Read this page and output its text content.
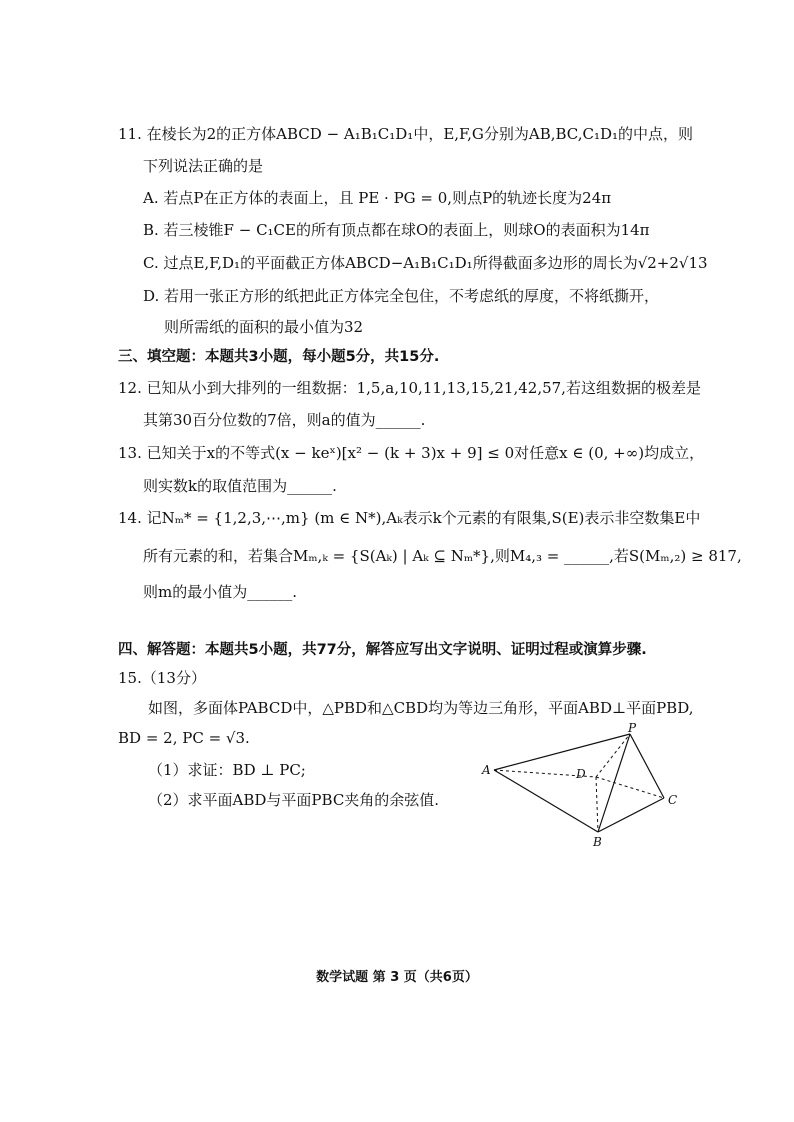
11. 在棱长为2的正方体ABCD − A₁B₁C₁D₁中，E,F,G分别为AB,BC,C₁D₁的中点，则
下列说法正确的是
A. 若点P在正方体的表面上，且 PE · PG = 0,则点P的轨迹长度为24π
B. 若三棱锥F − C₁CE的所有顶点都在球O的表面上，则球O的表面积为14π
C. 过点E,F,D₁的平面截正方体ABCD−A₁B₁C₁D₁所得截面多边形的周长为√2+2√13
D. 若用一张正方形的纸把此正方体完全包住，不考虑纸的厚度，不将纸撕开，
则所需纸的面积的最小值为32
三、填空题：本题共3小题，每小题5分，共15分.
12. 已知从小到大排列的一组数据：1,5,a,10,11,13,15,21,42,57,若这组数据的极差是
其第30百分位数的7倍，则a的值为______.
13. 已知关于x的不等式(x − keˣ)[x² − (k + 3)x + 9] ≤ 0对任意x ∈ (0, +∞)均成立，
则实数k的取值范围为______.
14. 记Nₘ* = {1,2,3,⋯,m} (m ∈ N*),Aₖ表示k个元素的有限集,S(E)表示非空数集E中
所有元素的和，若集合Mₘ,ₖ = {S(Aₖ) | Aₖ ⊆ Nₘ*},则M₄,₃ = ______,若S(Mₘ,₂) ≥ 817,
则m的最小值为______.
四、解答题：本题共5小题，共77分，解答应写出文字说明、证明过程或演算步骤.
15.（13分）
如图，多面体PABCD中，△PBD和△CBD均为等边三角形，平面ABD⊥平面PBD,
BD = 2, PC = √3.
（1）求证：BD ⊥ PC;
（2）求平面ABD与平面PBC夹角的余弦值.
A
B
C
D
P
数学试题 第 3 页（共6页）
